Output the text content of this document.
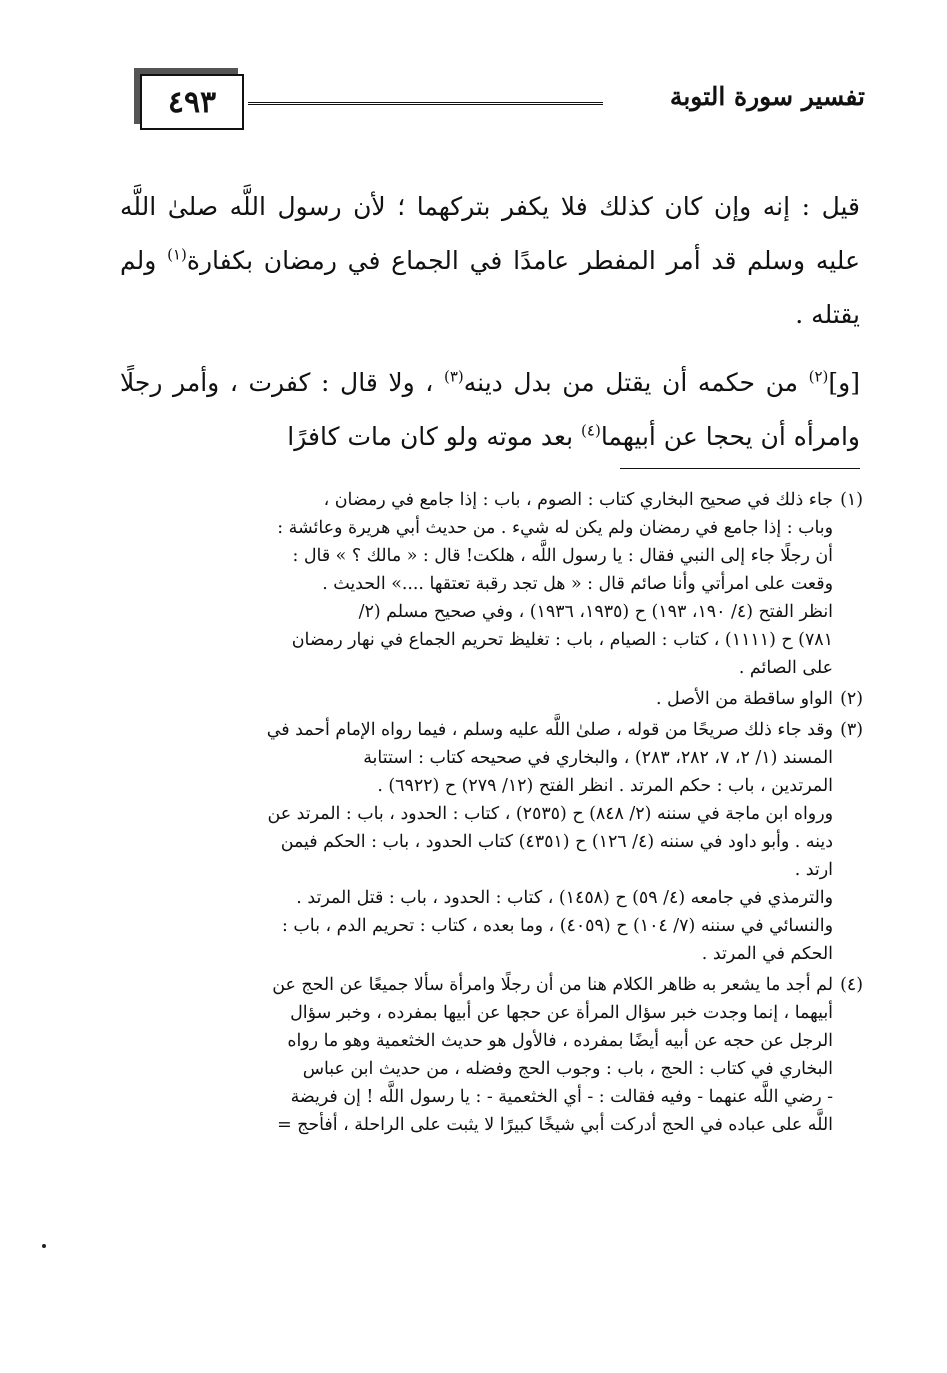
٤٩٣	تفسير سورة التوبة

قيل : إنه وإن كان كذلك فلا يكفر بتركهما ؛ لأن رسول اللَّه صلىٰ اللَّه عليه وسلم قد أمر المفطر عامدًا في الجماع في رمضان بكفارة$^{(١)}$ ولم يقتله .

[و]$^{(٢)}$ من حكمه أن يقتل من بدل دينه$^{(٣)}$ ، ولا قال : كفرت ، وأمر رجلًا وامرأه أن يحجا عن أبيهما$^{(٤)}$ بعد موته ولو كان مات كافرًا

(١)
جاء ذلك في صحيح البخاري كتاب : الصوم ، باب : إذا جامع في رمضان ،
وباب : إذا جامع في رمضان ولم يكن له شيء . من حديث أبي هريرة وعائشة :
أن رجلًا جاء إلى النبي فقال : يا رسول اللَّه ، هلكت! قال : « مالك ؟ » قال :
وقعت على امرأتي وأنا صائم قال : « هل تجد رقبة تعتقها ....» الحديث .
انظر الفتح (٤/ ١٩٠، ١٩٣) ح (١٩٣٥، ١٩٣٦) ، وفي صحيح مسلم (٢/
٧٨١) ح (١١١١) ، كتاب : الصيام ، باب : تغليظ تحريم الجماع في نهار رمضان
على الصائم .
(٢)
الواو ساقطة من الأصل .
(٣)
وقد جاء ذلك صريحًا من قوله ، صلىٰ اللَّه عليه وسلم ، فيما رواه الإمام أحمد في
المسند (١/ ٢، ٧، ٢٨٢، ٢٨٣) ، والبخاري في صحيحه كتاب : استتابة
المرتدين ، باب : حكم المرتد . انظر الفتح (١٢/ ٢٧٩) ح (٦٩٢٢) .
ورواه ابن ماجة في سننه (٢/ ٨٤٨) ح (٢٥٣٥) ، كتاب : الحدود ، باب : المرتد عن
دينه . وأبو داود في سننه (٤/ ١٢٦) ح (٤٣٥١) كتاب الحدود ، باب : الحكم فيمن
ارتد .
والترمذي في جامعه (٤/ ٥٩) ح (١٤٥٨) ، كتاب : الحدود ، باب : قتل المرتد .
والنسائي في سننه (٧/ ١٠٤) ح (٤٠٥٩) ، وما بعده ، كتاب : تحريم الدم ، باب :
الحكم في المرتد .
(٤)
لم أجد ما يشعر به ظاهر الكلام هنا من أن رجلًا وامرأة سألا جميعًا عن الحج عن
أبيهما ، إنما وجدت خبر سؤال المرأة عن حجها عن أبيها بمفرده ، وخبر سؤال
الرجل عن حجه عن أبيه أيضًا بمفرده ، فالأول هو حديث الخثعمية وهو ما رواه
البخاري في كتاب : الحج ، باب : وجوب الحج وفضله ، من حديث ابن عباس
- رضي اللَّه عنهما - وفيه فقالت : - أي الخثعمية - : يا رسول اللَّه ! إن فريضة
اللَّه على عباده في الحج أدركت أبي شيخًا كبيرًا لا يثبت على الراحلة ، أفأحج =
